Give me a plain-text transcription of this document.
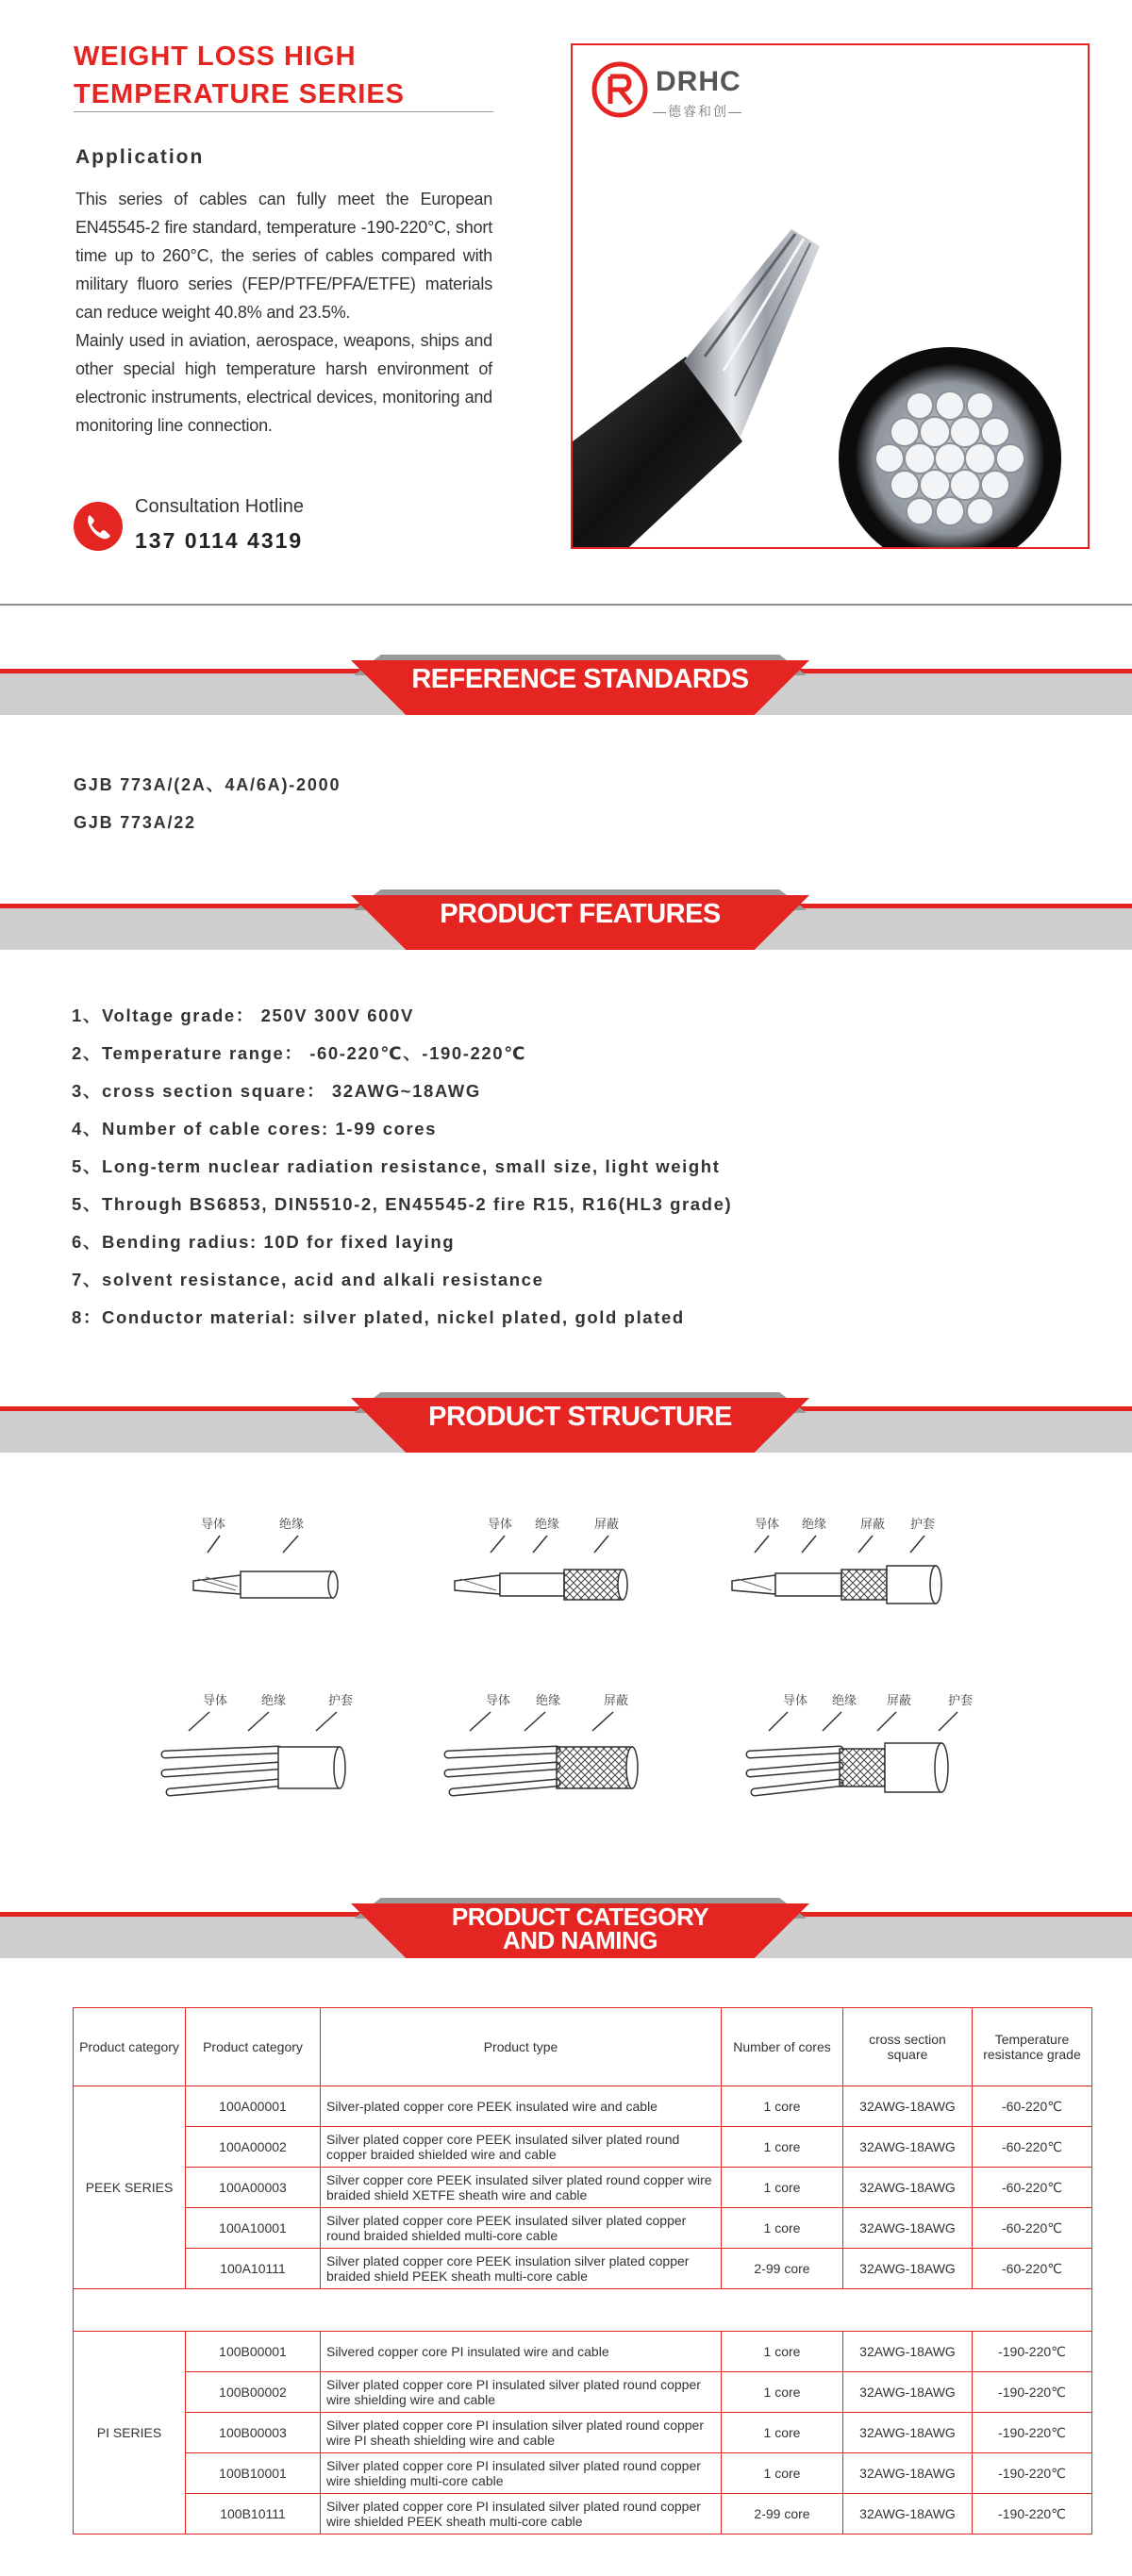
WEIGHT LOSS HIGH TEMPERATURE SERIES
Application

This series of cables can fully meet the European EN45545-2 fire standard, temperature -190-220°C, short time up to 260°C, the series of cables compared with military fluoro series (FEP/PTFE/PFA/ETFE) materials can reduce weight 40.8% and 23.5%.

Mainly used in aviation, aerospace, weapons, ships and other special high temperature harsh environment of electronic instruments, electrical devices, monitoring and monitoring line connection.

Consultation Hotline
137 0114 4319
DRHC
—德睿和创—
REFERENCE STANDARDS
GJB 773A/(2A、4A/6A)-2000
GJB 773A/22
PRODUCT FEATURES
1、Voltage grade： 250V 300V 600V
2、Temperature range： -60-220℃、-190-220℃
3、cross section square： 32AWG~18AWG
4、Number of cable cores: 1-99 cores
5、Long-term nuclear radiation resistance, small size, light weight
5、Through BS6853, DIN5510-2, EN45545-2 fire R15, R16(HL3 grade)
6、Bending radius: 10D for fixed laying
7、solvent resistance, acid and alkali resistance
8：Conductor material: silver plated, nickel plated, gold plated
PRODUCT STRUCTURE
导体	绝缘	导体 绝缘	屏蔽	导体 绝缘	屏蔽 护套
导体	绝缘	护套	导体 绝缘	屏蔽	导体 绝缘 屏蔽	护套
PRODUCT CATEGORY
AND NAMING
Product category	Product category	Product type	Number of cores	cross section square	Temperature resistance grade
PEEK SERIES	100A00001	Silver-plated copper core PEEK insulated wire and cable	1 core	32AWG-18AWG	-60-220℃
	100A00002	Silver plated copper core PEEK insulated silver plated round copper braided shielded wire and cable	1 core	32AWG-18AWG	-60-220℃
	100A00003	Silver copper core PEEK insulated silver plated round copper wire braided shield XETFE sheath wire and cable	1 core	32AWG-18AWG	-60-220℃
	100A10001	Silver plated copper core PEEK insulated silver plated copper round braided shielded multi-core cable	1 core	32AWG-18AWG	-60-220℃
	100A10111	Silver plated copper core PEEK insulation silver plated copper braided shield PEEK sheath multi-core cable	2-99 core	32AWG-18AWG	-60-220℃

PI SERIES	100B00001	Silvered copper core PI insulated wire and cable	1 core	32AWG-18AWG	-190-220℃
	100B00002	Silver plated copper core PI insulated silver plated round copper wire shielding wire and cable	1 core	32AWG-18AWG	-190-220℃
	100B00003	Silver plated copper core PI insulation silver plated round copper wire PI sheath shielding wire and cable	1 core	32AWG-18AWG	-190-220℃
	100B10001	Silver plated copper core PI insulated silver plated round copper wire shielding multi-core cable	1 core	32AWG-18AWG	-190-220℃
	100B10111	Silver plated copper core PI insulated silver plated round copper wire shielded PEEK sheath multi-core cable	2-99 core	32AWG-18AWG	-190-220℃
